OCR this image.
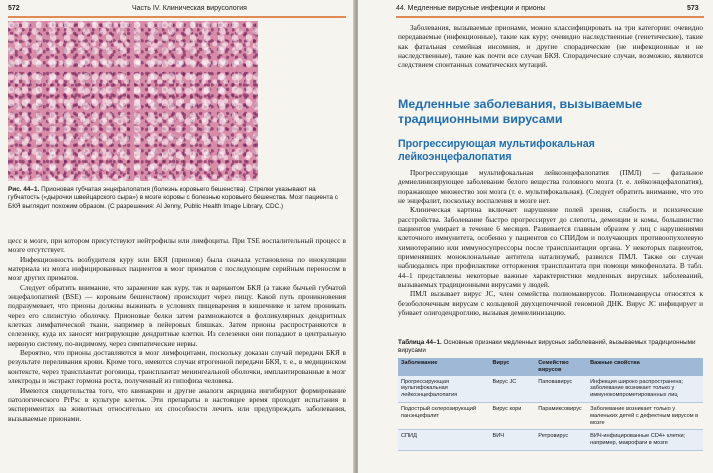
572	Часть IV. Клиническая вирусология
Рис. 44–1. Прионовая губчатая энцефалопатия (болезнь коровьего бешенства). Стрелки указывают на губчатость («дырочки швейцарского сыра») в мозге коровы с болезнью коровьего бешенства. Мозг пациента с БКЯ выглядит похожим образом. (С разрешения: Al Jenny, Public Health Image Library, CDC.)

цесс в мозге, при котором присутствуют нейтрофилы или лимфоциты. При TSE воспалительный процесс в мозге отсутствует.

Инфекционность возбудителя куру или БКЯ (прионов) была сначала установлена по инокуляции материала из мозга инфицированных пациентов в мозг приматов с последующим серийным переносом в мозг других приматов.

Следует обратить внимание, что заражение как куру, так и вариантом БКЯ (а также бычьей губчатой энцефалопатией (BSE) — коровьим бешенством) происходит через пищу. Какой путь проникновения подразумевает, что прионы должны выживать в условиях пищеварения в кишечнике и затем проникать через его слизистую оболочку. Прионовые белки затем размножаются в фолликулярных дендритных клетках лимфатической ткани, например в пейеровых бляшках. Затем прионы распространяются в селезенку, куда их заносят мигрирующие дендритные клетки. Из селезенки они попадают в центральную нервную систему, по-видимому, через симпатические нервы.

Вероятно, что прионы доставляются в мозг лимфоцитами, поскольку доказан случай передачи БКЯ в результате переливания крови. Кроме того, имеются случаи ятрогенной передачи БКЯ, т. е., в медицинском контексте, через трансплантат роговицы, трансплантат менингеальной оболочки, имплантированные в мозг электроды и экстракт гормона роста, полученный из гипофиза человека.

Имеются свидетельства того, что квинакрин и другие аналоги акридина ингибируют формирование патологического PrPsc в культуре клеток. Эти препараты в настоящее время проходят испытания в экспериментах на животных относительно их способности лечить или предупреждать заболевания, вызываемые прионами.

44. Медленные вирусные инфекции и прионы	573

Заболевания, вызываемые прионами, можно классифицировать на три категории: очевидно передаваемые (инфекционные), такие как куру; очевидно наследственные (генетические), такие как фатальная семейная инсомния, и другие спорадические (не инфекционные и не наследственные), такие как почти все случаи БКЯ. Спорадические случаи, возможно, являются следствием спонтанных соматических мутаций.

Медленные заболевания, вызываемые традиционными вирусами
Прогрессирующая мультифокальная лейкоэнцефалопатия

Прогрессирующая мультифокальная лейкоэнцефалопатия (ПМЛ) — фатальное демиелинизирующее заболевание белого вещества головного мозга (т. е. лейкоэнцефалопатия), поражающее множество зон мозга (т. е. мультифокальная). (Следует обратить внимание, что это не энцефалит, поскольку воспаления в мозге нет.

Клиническая картина включает нарушение полей зрения, слабость и психические расстройства. Заболевание быстро прогрессирует до слепоты, деменции и комы, большинство пациентов умирает в течение 6 месяцев. Развивается главным образом у лиц с нарушениями клеточного иммунитета, особенно у пациентов со СПИДом и получающих противоопухолевую химиотерапию или иммуносупрессоры после трансплантации органа. У некоторых пациентов, применявших моноклональные антитела натализумаб, развился ПМЛ. Также он случаи наблюдались при профилактике отторжения трансплантата при помощи микофенолата. В табл. 44–1 представлены некоторые важные характеристики медленных вирусных заболеваний, вызываемых традиционными вирусами у людей.

ПМЛ вызывает вирус JC, член семейства полиомавирусов. Полиомавирусы относятся к безоболочечным вирусам с кольцевой двухцепочечной геномной ДНК. Вирус JC инфицирует и убивает олигодендроглию, вызывая демиелинизацию.

Таблица 44–1. Основные признаки медленных вирусных заболеваний, вызываемых традиционными вирусами
Заболевание	Вирус	Семейство вирусов	Важные свойства
Прогрессирующая мультифокальная лейкоэнцефалопатия	Вирус JC	Паповавирус	Инфекция широко распространена; заболевание возникает только у иммунокомпрометированных лиц
Подострый склерозирующий панэнцефалит	Вирус кори	Парамиксовирус	Заболевание возникает только у маленьких детей с дефектным вирусом в мозге
СПИД	ВИЧ	Ретровирус	ВИЧ-инфицированные CD4+ клетки; например, макрофаги в мозге
